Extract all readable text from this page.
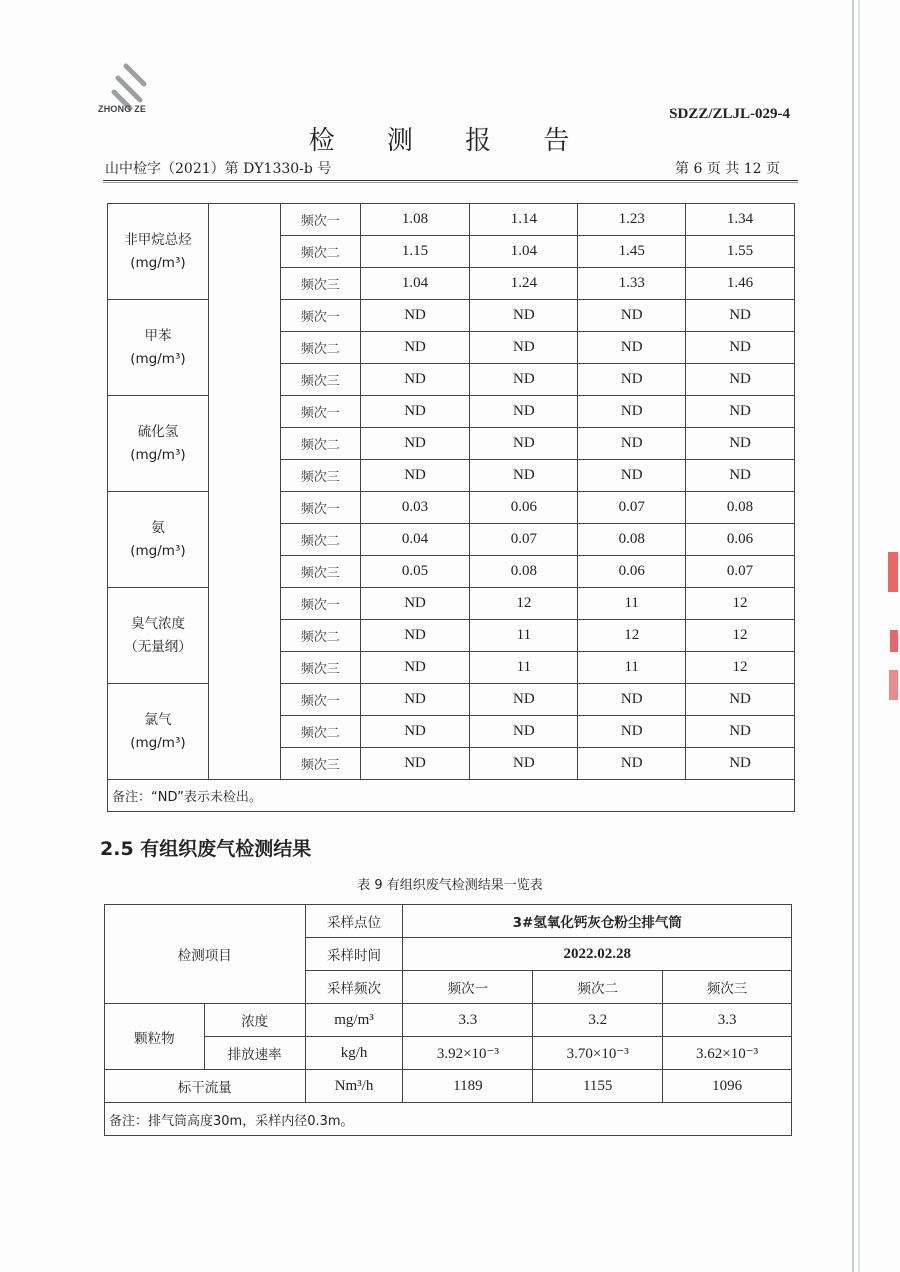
ZHONG ZE	SDZZ/ZLJL-029-4
检 测 报 告
山中检字（2021）第 DY1330-b 号	第 6 页 共 12 页
非甲烷总烃
(mg/m³)		频次一	1.08	1.14	1.23	1.34
		频次二	1.15	1.04	1.45	1.55
		频次三	1.04	1.24	1.33	1.46

甲苯
(mg/m³)		频次一	ND	ND	ND	ND
		频次二	ND	ND	ND	ND
		频次三	ND	ND	ND	ND

硫化氢
(mg/m³)		频次一	ND	ND	ND	ND
		频次二	ND	ND	ND	ND
		频次三	ND	ND	ND	ND

氨
(mg/m³)		频次一	0.03	0.06	0.07	0.08
		频次二	0.04	0.07	0.08	0.06
		频次三	0.05	0.08	0.06	0.07

臭气浓度
（无量纲）		频次一	ND	12	11	12
		频次二	ND	11	12	12
		频次三	ND	11	11	12

氯气
(mg/m³)		频次一	ND	ND	ND	ND
		频次二	ND	ND	ND	ND
		频次三	ND	ND	ND	ND
备注：“ND”表示未检出。						
2.5 有组织废气检测结果
表 9 有组织废气检测结果一览表
检测项目		采样点位	3#氢氧化钙灰仓粉尘排气筒		
		采样时间	2022.02.28		
		采样频次	频次一	频次二	频次三
颗粒物	浓度	mg/m³	3.3	3.2	3.3
	排放速率	kg/h	3.92×10⁻³	3.70×10⁻³	3.62×10⁻³
标干流量		Nm³/h	1189	1155	1096
备注：排气筒高度30m，采样内径0.3m。					
